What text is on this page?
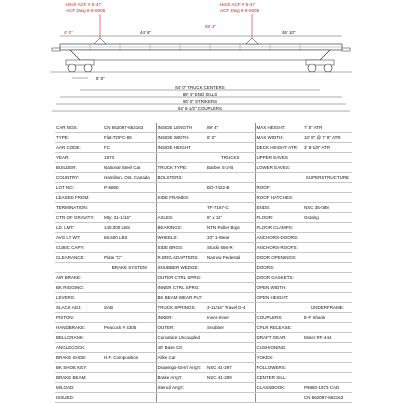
Hitch ACF # 5-47
ACF Dwg 6-8-5065
Hitch ACF # 5-47
ACF Dwg 6-8-5065
4' 0"	44' 6"
89' 4"
36' 10"
5' 8"
84' 0" TRUCK CENTERS
89' 4" END SILLS
90' 0" STRIKERS
92' 8-1/2" COUPLERS
CAR NOS:	CN 662097-662163	INSIDE LENGTH	89' 4"	MAX HEIGHT:	7' 5" ATR
TYPE:	Flat-TOFC-89	INSIDE WIDTH	8' 0"	MAX WIDTH:	10' 8" @ 7' 8" ATR
AAR CODE:	FC	INSIDE HEIGHT		DECK HEIGHT ATR:	3' 8-1/8" ATR
YEAR:	1973		TRUCKS	UPPER EAVES	
BUILDER:	National Steel Car	TRUCK TYPE:	Barber S-2-B	LOWER EAVES:	
COUNTRY:	Hamilton, Ont, Canada	BOLSTERS:			SUPERSTRUCTURE
LOT NO:	P-6860		BO-7422-B	ROOF:	
LEASED FROM:		SIDE FRAMES:		ROOF HATCHES:	
TERMINATION:			TF-7167-C	ENDS:	NSC 35-088
CTR OF GRAVITY:	Mty: 31-1/16"	AXLES:	6" x 11"	FLOOR:	Grating
LD. LMT:	140,000 LBS	BEARINGS:	NTN Roller Brgs	FLOOR CLAMPS:	
AVG LT WT:	66,500 LBS	WHEELS:	33" 1-Wear	ANCHORS-DOORS:	
CUBIC CAPY:		SIDE BRGS:	Stucki 656-R	ANCHORS-ROOFS:	
CLEARANCE:	Plate "C"	R.BRG.ADAPTERS:	Narrow Pedestal	DOOR OPENINGS:	
	BRAKE SYSTEM	SNUBBER WEDGE:		DOORS:	
AIR BRAKE:		OUTER CTRL SPRG:		DOOR GASKETS:	
BK RIGGING:		INNER CTRL SPRG:		OPEN WIDTH:	
LEVERS:		BK BEAM WEAR PLT:		OPEN HEIGHT:	
SLACK ADJ:	SAB	TRUCK SPRINGS:	3-11/16" Travel D-4		UNDERFRAME:
PISTON:		INNER:	Inner-Inner	COUPLERS:	E-F Shank
HANDBRAKE:	Peacock # 4305	OUTER:	Snubber	CPLR RELEASE:	
BELLCRANK:		Curvature Uncoupled		DRAFT GEAR:	Miner RF-444
ANGLECOCK:		40' Base Ctr		CUSHIONING:	
BRAKE SHOE:	H.F. Composition	Alike Car		YOKES:	
BK SHOE KEY:		Drawings-Gen'l Arrg't:	NSC 41-297	FOLLOWERS:	
BRAKE BEAM:		Brake Arrg't:	NSC 41-299	CENTER SILL:	
M/LOAD:		Stencil Arrg't:		CLASSBOOK:	P6860-1973 CAD
ISSUED:					CN 662097-662163
